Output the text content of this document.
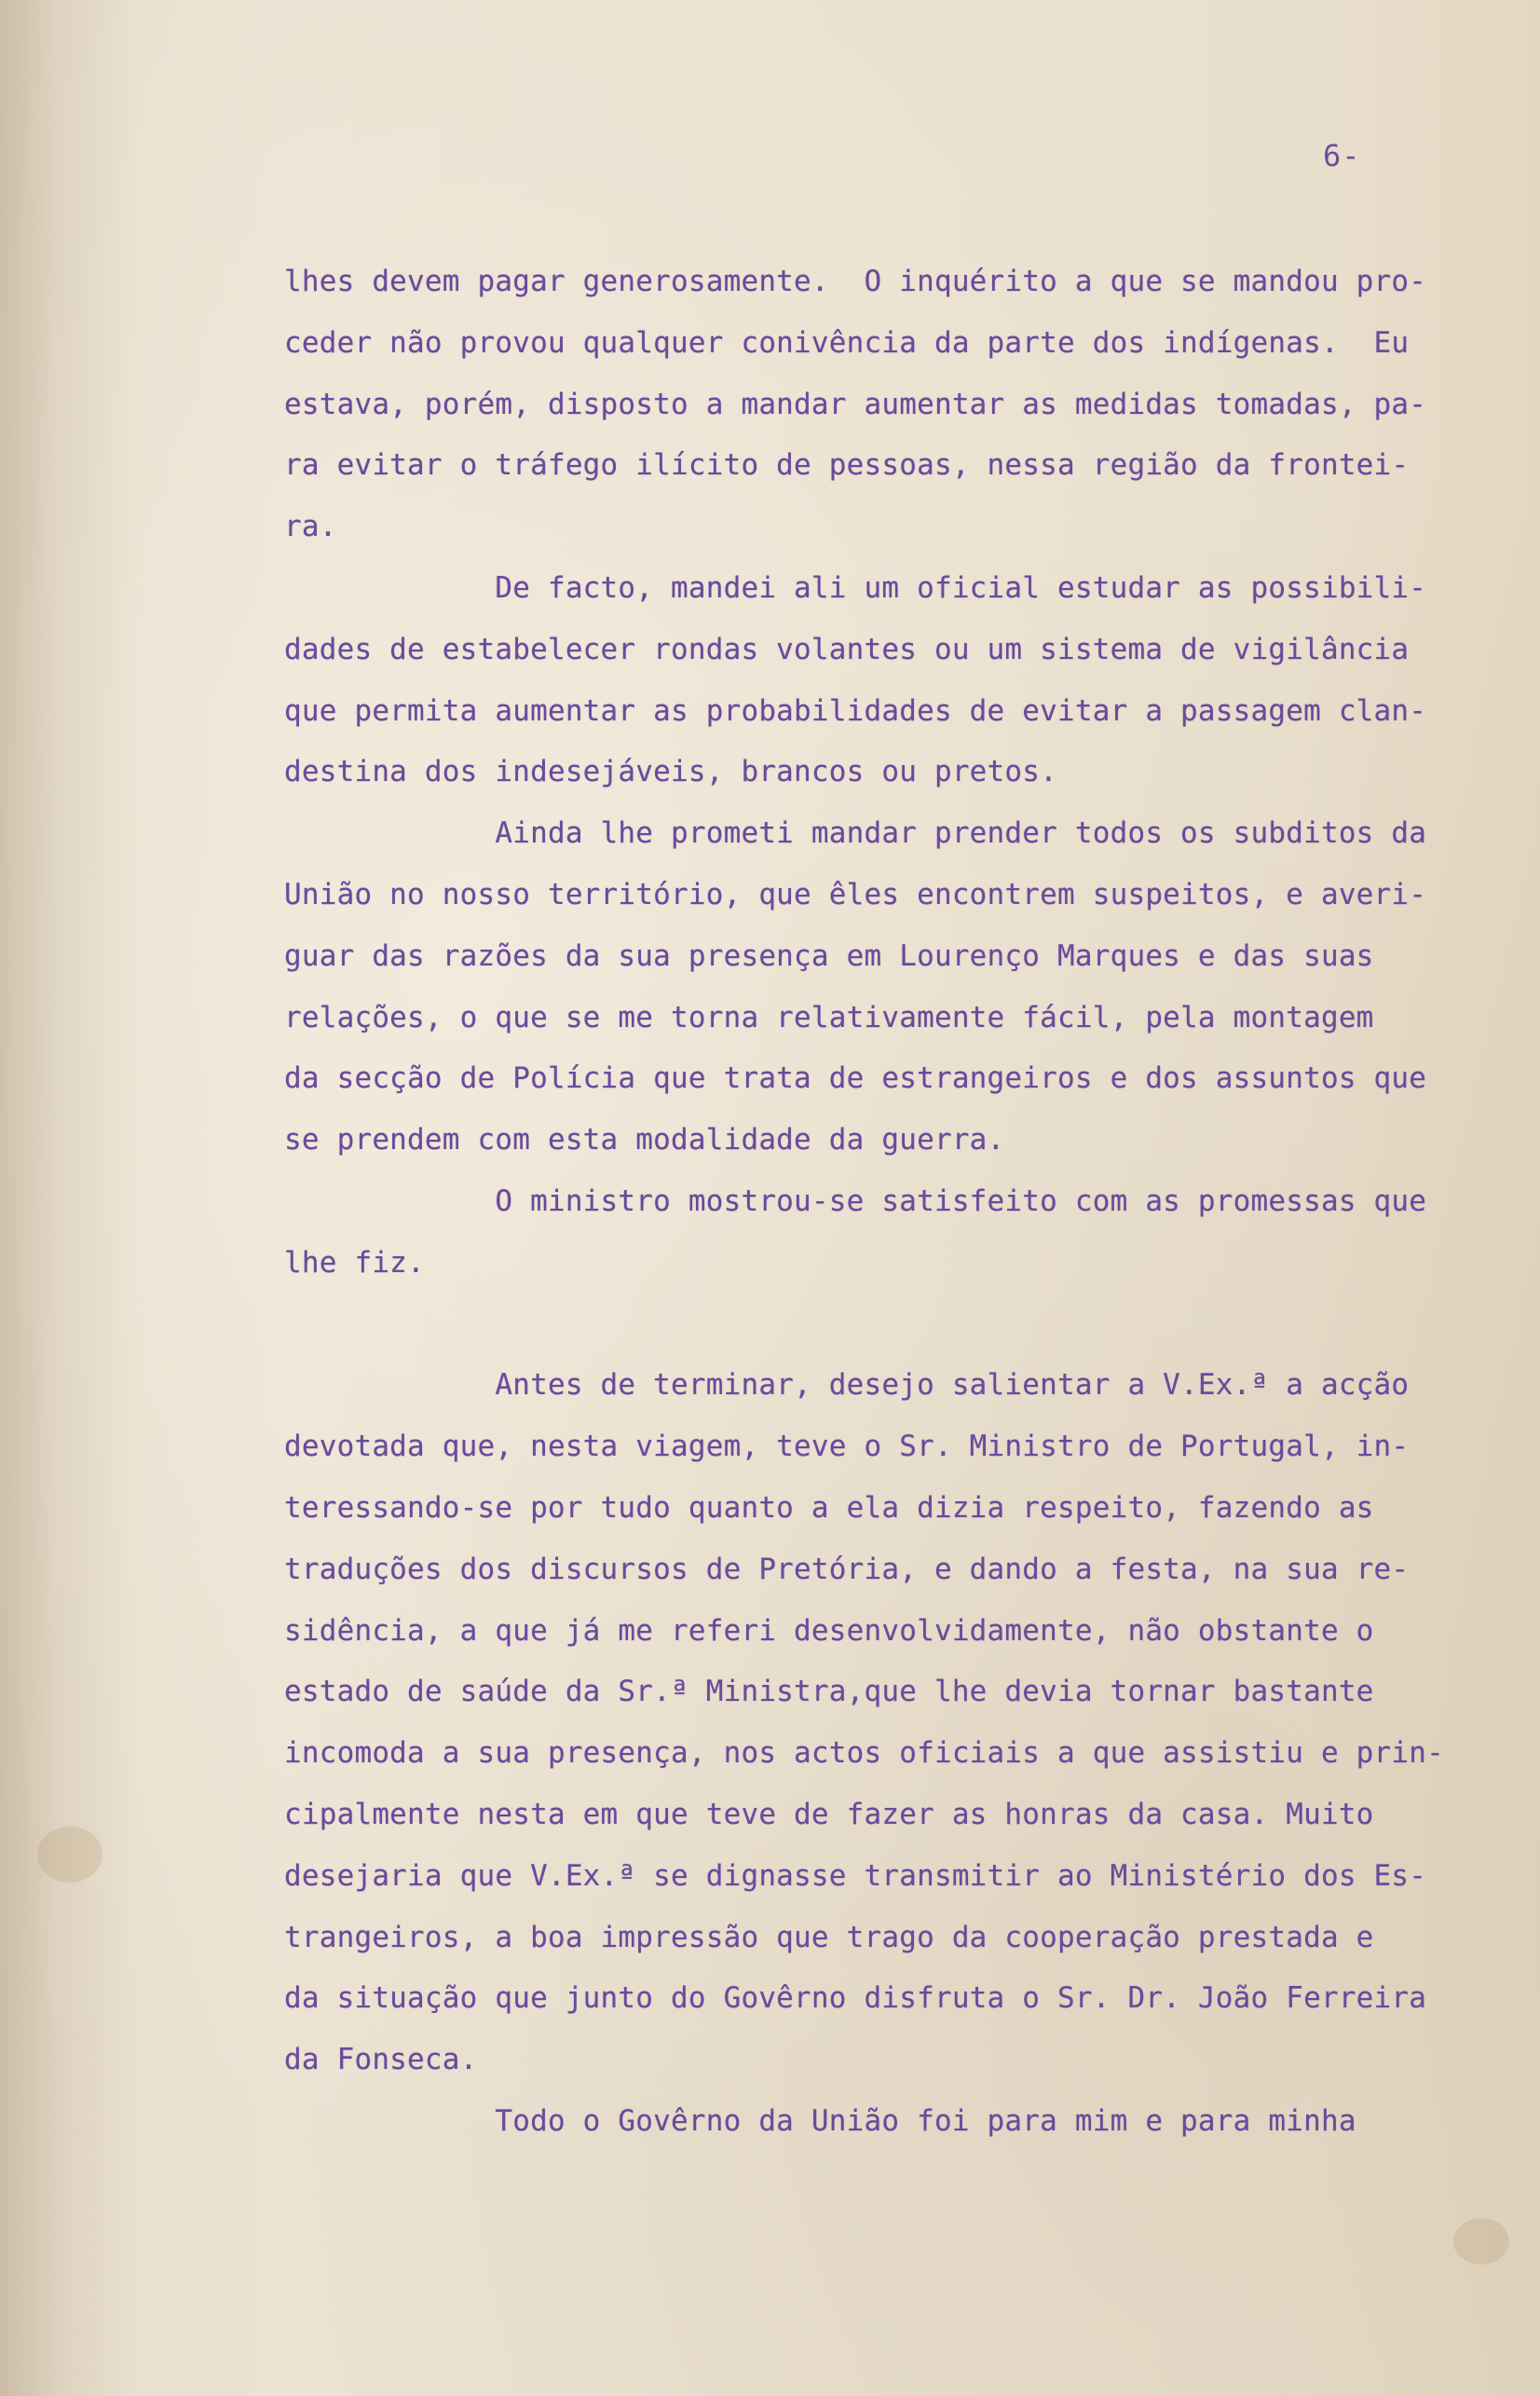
6-
lhes devem pagar generosamente.  O inquérito a que se mandou pro-
ceder não provou qualquer conivência da parte dos indígenas.  Eu
estava, porém, disposto a mandar aumentar as medidas tomadas, pa-
ra evitar o tráfego ilícito de pessoas, nessa região da frontei-
ra.
De facto, mandei ali um oficial estudar as possibili-
dades de estabelecer rondas volantes ou um sistema de vigilância
que permita aumentar as probabilidades de evitar a passagem clan-
destina dos indesejáveis, brancos ou pretos.
Ainda lhe prometi mandar prender todos os subditos da
União no nosso território, que êles encontrem suspeitos, e averi-
guar das razões da sua presença em Lourenço Marques e das suas
relações, o que se me torna relativamente fácil, pela montagem
da secção de Polícia que trata de estrangeiros e dos assuntos que
se prendem com esta modalidade da guerra.
O ministro mostrou-se satisfeito com as promessas que
lhe fiz.
Antes de terminar, desejo salientar a V.Ex.ª a acção
devotada que, nesta viagem, teve o Sr. Ministro de Portugal, in-
teressando-se por tudo quanto a ela dizia respeito, fazendo as
traduções dos discursos de Pretória, e dando a festa, na sua re-
sidência, a que já me referi desenvolvidamente, não obstante o
estado de saúde da Sr.ª Ministra,que lhe devia tornar bastante
incomoda a sua presença, nos actos oficiais a que assistiu e prin-
cipalmente nesta em que teve de fazer as honras da casa. Muito
desejaria que V.Ex.ª se dignasse transmitir ao Ministério dos Es-
trangeiros, a boa impressão que trago da cooperação prestada e
da situação que junto do Govêrno disfruta o Sr. Dr. João Ferreira
da Fonseca.
Todo o Govêrno da União foi para mim e para minha
